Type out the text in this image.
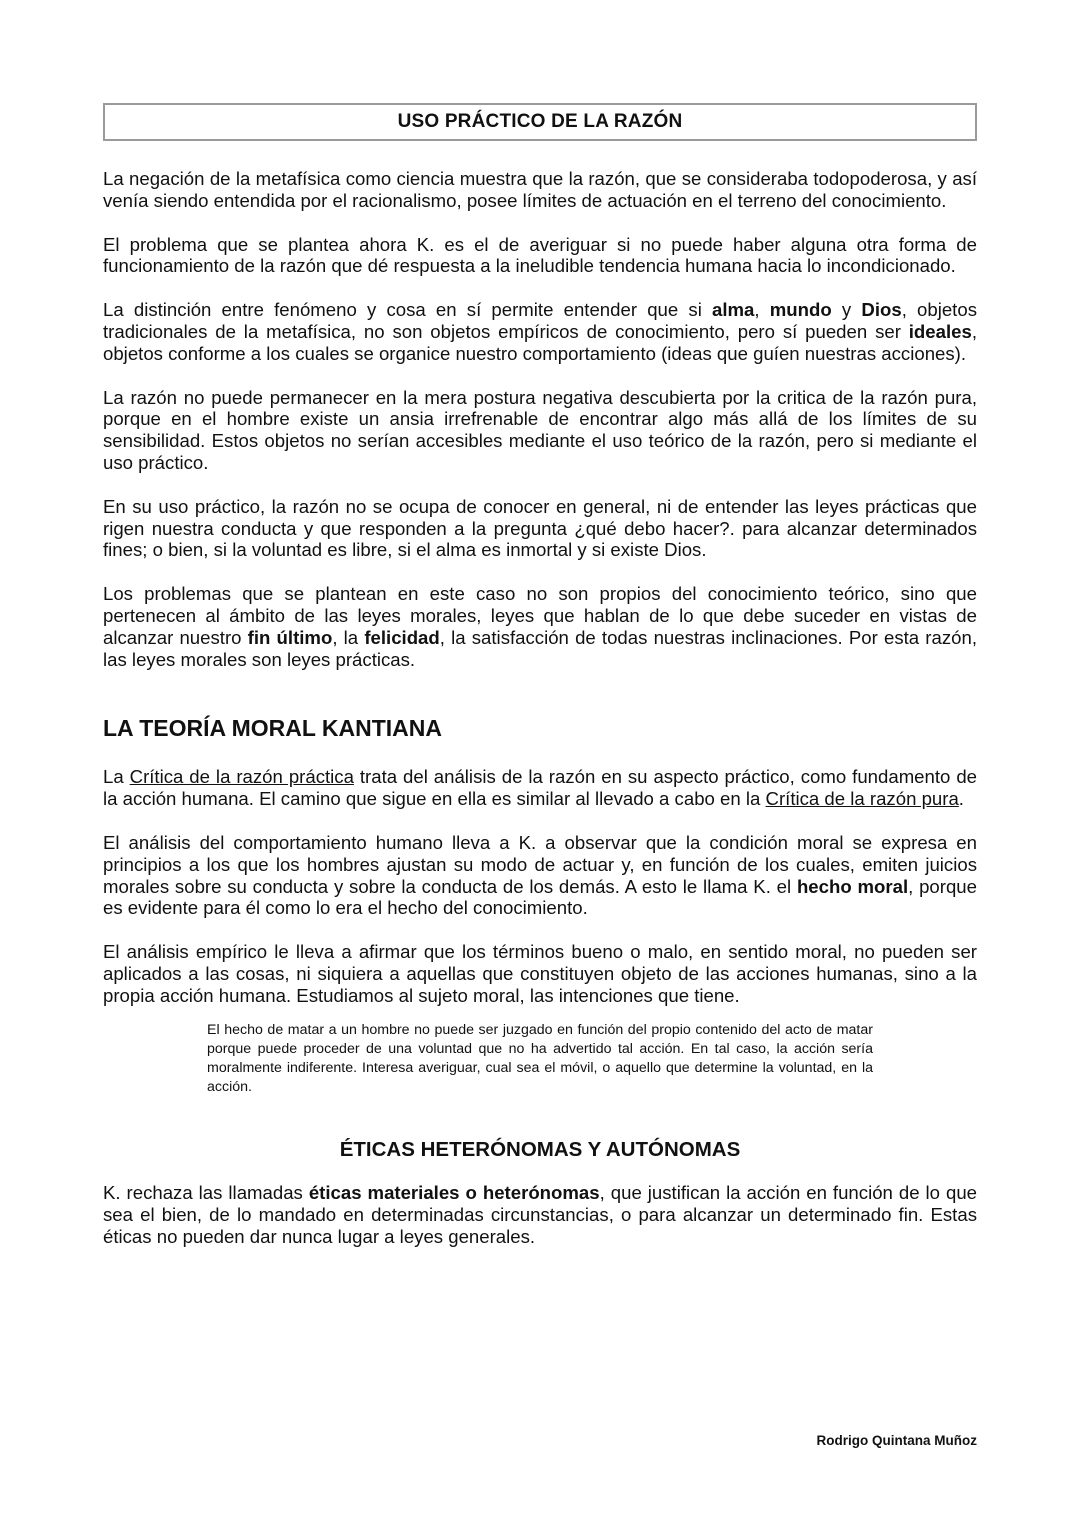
USO PRÁCTICO DE LA RAZÓN

La negación de la metafísica como ciencia muestra que la razón, que se consideraba todopoderosa, y así venía siendo entendida por el racionalismo, posee límites de actuación en el terreno del conocimiento.

El problema que se plantea ahora K. es el de averiguar si no puede haber alguna otra forma de funcionamiento de la razón que dé respuesta a la ineludible tendencia humana hacia lo incondicionado.

La distinción entre fenómeno y cosa en sí permite entender que si alma, mundo y Dios, objetos tradicionales de la metafísica, no son objetos empíricos de conocimiento, pero sí pueden ser ideales, objetos conforme a los cuales se organice nuestro comportamiento (ideas que guíen nuestras acciones).

La razón no puede permanecer en la mera postura negativa descubierta por la critica de la razón pura, porque en el hombre existe un ansia irrefrenable de encontrar algo más allá de los límites de su sensibilidad. Estos objetos no serían accesibles mediante el uso teórico de la razón, pero si mediante el uso práctico.

En su uso práctico, la razón no se ocupa de conocer en general, ni de entender las leyes prácticas que rigen nuestra conducta y que responden a la pregunta ¿qué debo hacer?. para alcanzar determinados fines; o bien, si la voluntad es libre, si el alma es inmortal y si existe Dios.

Los problemas que se plantean en este caso no son propios del conocimiento teórico, sino que pertenecen al ámbito de las leyes morales, leyes que hablan de lo que debe suceder en vistas de alcanzar nuestro fin último, la felicidad, la satisfacción de todas nuestras inclinaciones. Por esta razón, las leyes morales son leyes prácticas.

LA TEORÍA MORAL KANTIANA

La Crítica de la razón práctica trata del análisis de la razón en su aspecto práctico, como fundamento de la acción humana. El camino que sigue en ella es similar al llevado a cabo en la Crítica de la razón pura.

El análisis del comportamiento humano lleva a K. a observar que la condición moral se expresa en principios a los que los hombres ajustan su modo de actuar y, en función de los cuales, emiten juicios morales sobre su conducta y sobre la conducta de los demás. A esto le llama K. el hecho moral, porque es evidente para él como lo era el hecho del conocimiento.

El análisis empírico le lleva a afirmar que los términos bueno o malo, en sentido moral, no pueden ser aplicados a las cosas, ni siquiera a aquellas que constituyen objeto de las acciones humanas, sino a la propia acción humana. Estudiamos al sujeto moral, las intenciones que tiene.

El hecho de matar a un hombre no puede ser juzgado en función del propio contenido del acto de matar porque puede proceder de una voluntad que no ha advertido tal acción. En tal caso, la acción sería moralmente indiferente. Interesa averiguar, cual sea el móvil, o aquello que determine la voluntad, en la acción.
ÉTICAS HETERÓNOMAS Y AUTÓNOMAS

K. rechaza las llamadas éticas materiales o heterónomas, que justifican la acción en función de lo que sea el bien, de lo mandado en determinadas circunstancias, o para alcanzar un determinado fin. Estas éticas no pueden dar nunca lugar a leyes generales.

Rodrigo Quintana Muñoz
